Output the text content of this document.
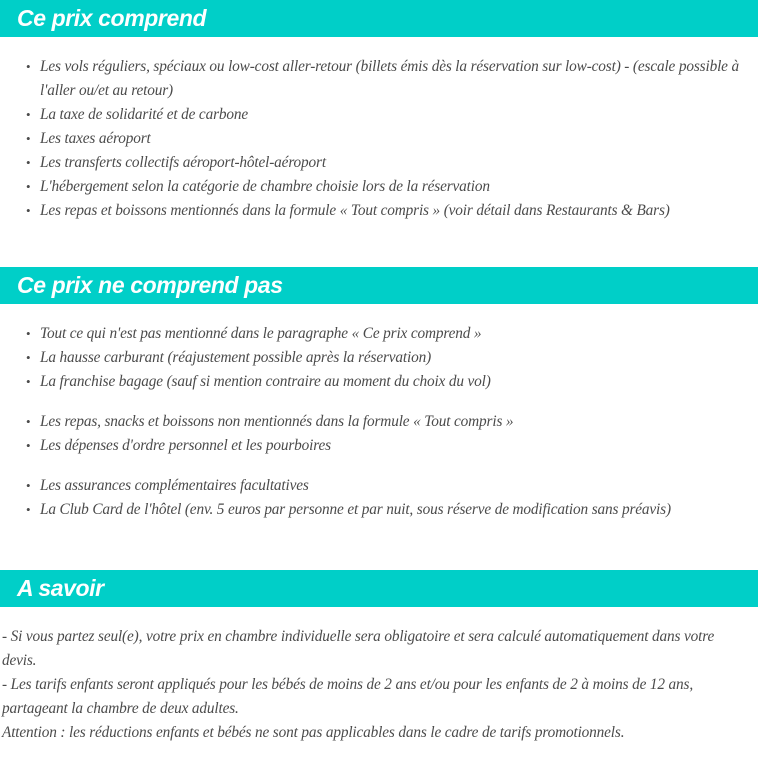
Ce prix comprend
• Les vols réguliers, spéciaux ou low-cost aller-retour (billets émis dès la réservation sur low-cost) - (escale possible à l'aller ou/et au retour)
• La taxe de solidarité et de carbone
• Les taxes aéroport
• Les transferts collectifs aéroport-hôtel-aéroport
• L'hébergement selon la catégorie de chambre choisie lors de la réservation
• Les repas et boissons mentionnés dans la formule « Tout compris » (voir détail dans Restaurants & Bars)
Ce prix ne comprend pas
• Tout ce qui n'est pas mentionné dans le paragraphe « Ce prix comprend »
• La hausse carburant (réajustement possible après la réservation)
• La franchise bagage (sauf si mention contraire au moment du choix du vol)
• Les repas, snacks et boissons non mentionnés dans la formule « Tout compris »
• Les dépenses d'ordre personnel et les pourboires
• Les assurances complémentaires facultatives
• La Club Card de l'hôtel (env. 5 euros par personne et par nuit, sous réserve de modification sans préavis)
A savoir

- Si vous partez seul(e), votre prix en chambre individuelle sera obligatoire et sera calculé automatiquement dans votre devis.

- Les tarifs enfants seront appliqués pour les bébés de moins de 2 ans et/ou pour les enfants de 2 à moins de 12 ans, partageant la chambre de deux adultes.

Attention : les réductions enfants et bébés ne sont pas applicables dans le cadre de tarifs promotionnels.
